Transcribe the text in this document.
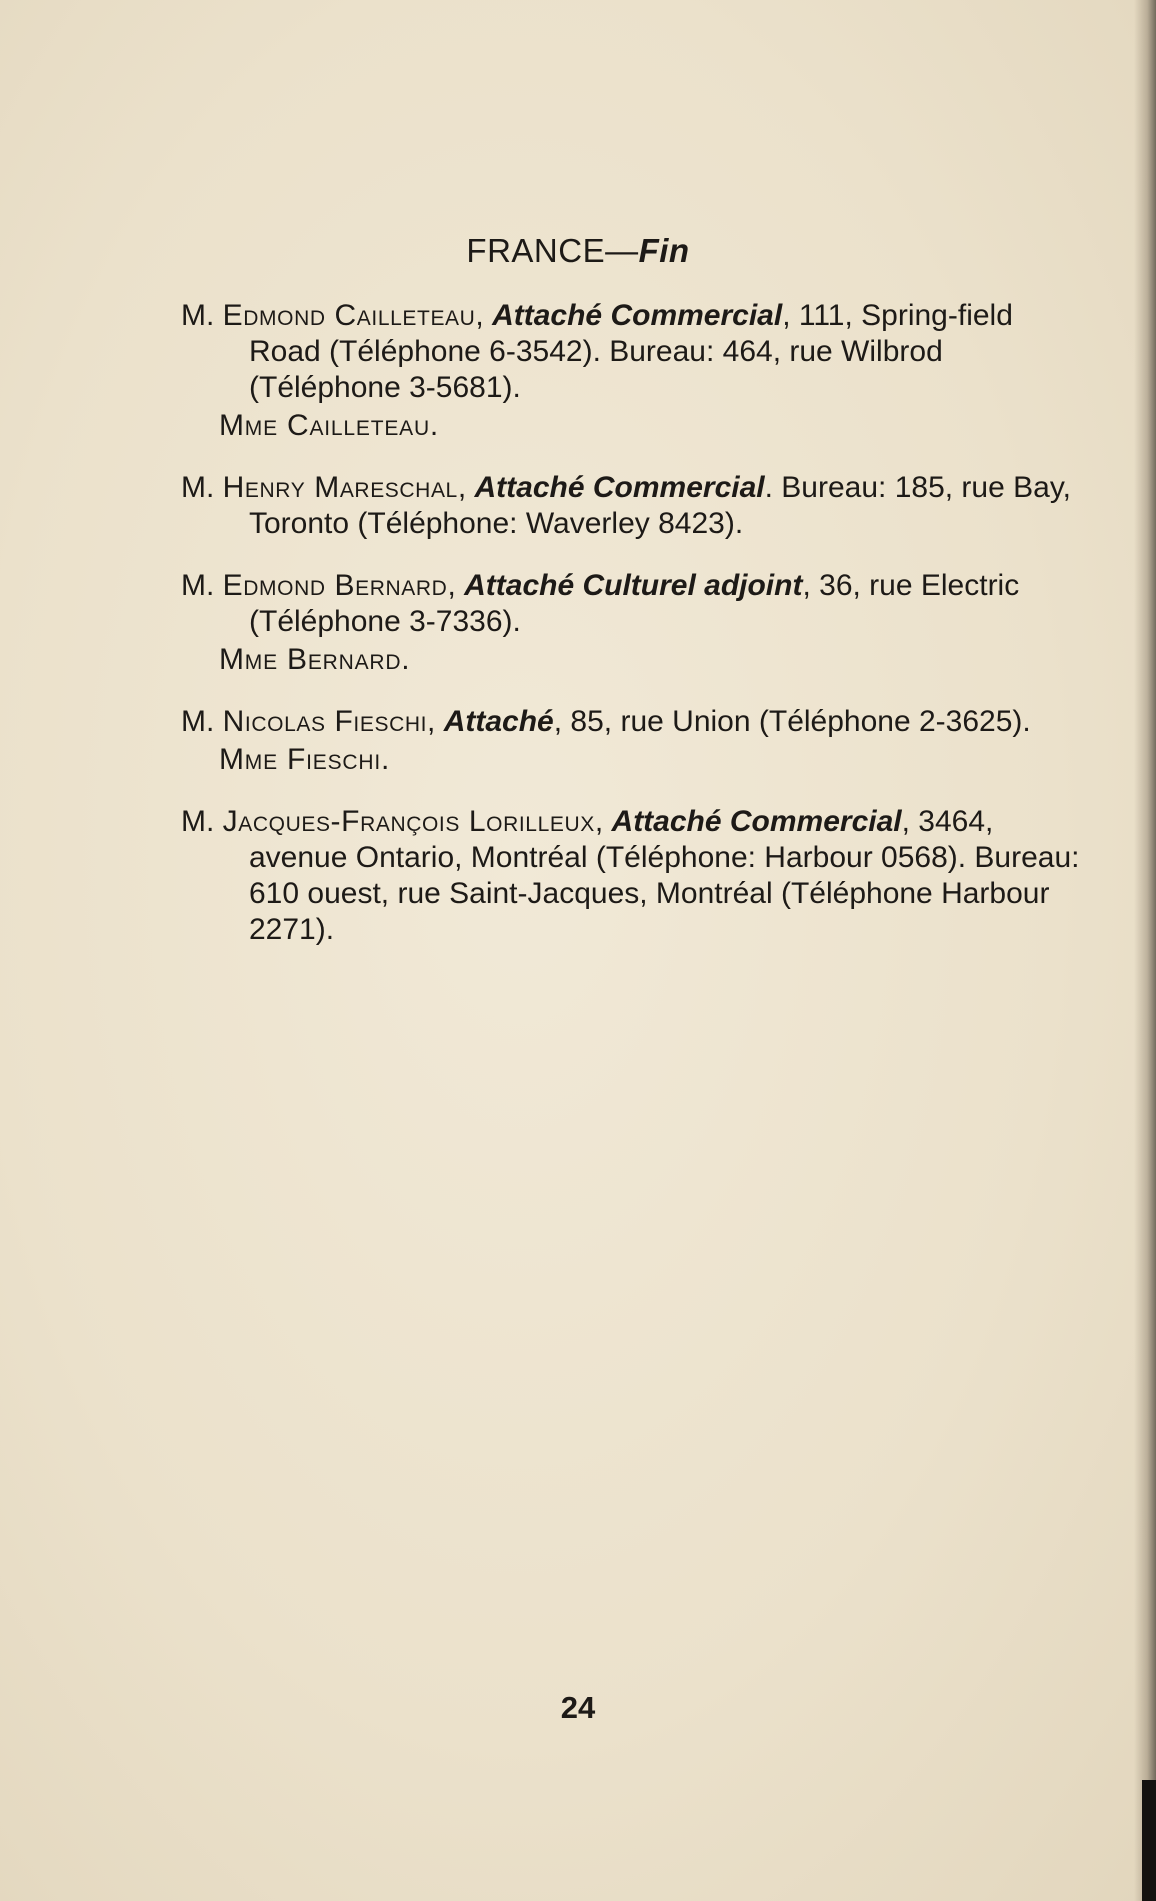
FRANCE—Fin
M. Edmond Cailleteau, Attaché Commercial, 111, Spring-field Road (Téléphone 6-3542). Bureau: 464, rue Wilbrod (Téléphone 3-5681).
Mme Cailleteau.
M. Henry Mareschal, Attaché Commercial. Bureau: 185, rue Bay, Toronto (Téléphone: Waverley 8423).
M. Edmond Bernard, Attaché Culturel adjoint, 36, rue Electric (Téléphone 3-7336).
Mme Bernard.
M. Nicolas Fieschi, Attaché, 85, rue Union (Téléphone 2-3625).
Mme Fieschi.
M. Jacques-François Lorilleux, Attaché Commercial, 3464, avenue Ontario, Montréal (Téléphone: Harbour 0568). Bureau: 610 ouest, rue Saint-Jacques, Montréal (Téléphone Harbour 2271).
24
